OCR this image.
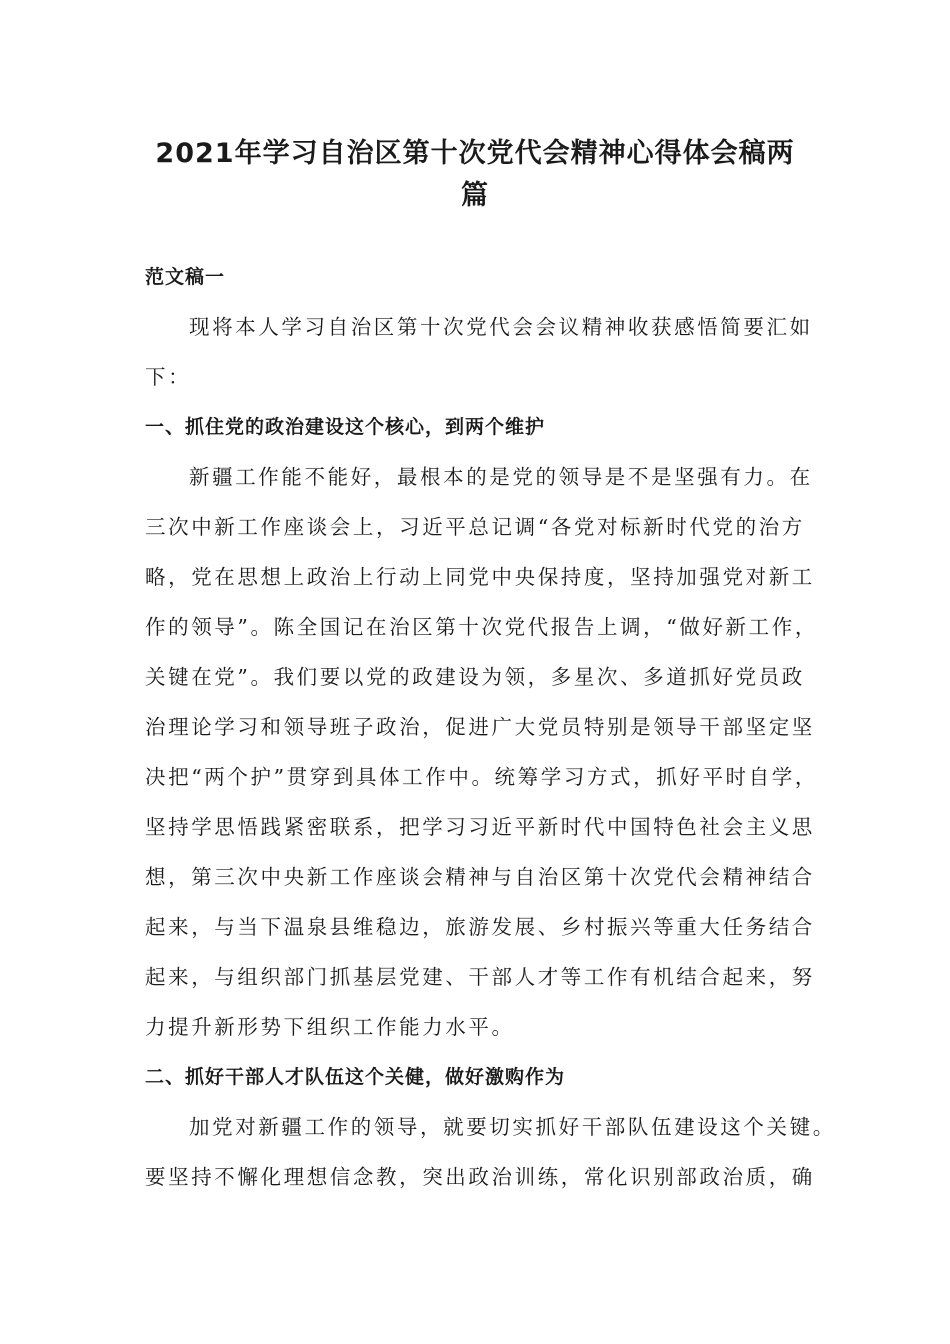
2021年学习自治区第十次党代会精神心得体会稿两
篇
范文稿一
现将本人学习自治区第十次党代会会议精神收获感悟简要汇如
下：
一、抓住党的政治建设这个核心，到两个维护
新疆工作能不能好，最根本的是党的领导是不是坚强有力。在
三次中新工作座谈会上，习近平总记调“各党对标新时代党的治方
略，党在思想上政治上行动上同党中央保持度，坚持加强党对新工
作的领导”。陈全国记在治区第十次党代报告上调，“做好新工作，
关键在党”。我们要以党的政建设为领，多星次、多道抓好党员政
治理论学习和领导班子政治，促进广大党员特别是领导干部坚定坚
决把“两个护”贯穿到具体工作中。统筹学习方式，抓好平时自学，
坚持学思悟践紧密联系，把学习习近平新时代中国特色社会主义思
想，第三次中央新工作座谈会精神与自治区第十次党代会精神结合
起来，与当下温泉县维稳边，旅游发展、乡村振兴等重大任务结合
起来，与组织部门抓基层党建、干部人才等工作有机结合起来，努
力提升新形势下组织工作能力水平。
二、抓好干部人才队伍这个关健，做好激购作为
加党对新疆工作的领导，就要切实抓好干部队伍建设这个关键。
要坚持不懈化理想信念教，突出政治训练，常化识别部政治质，确
